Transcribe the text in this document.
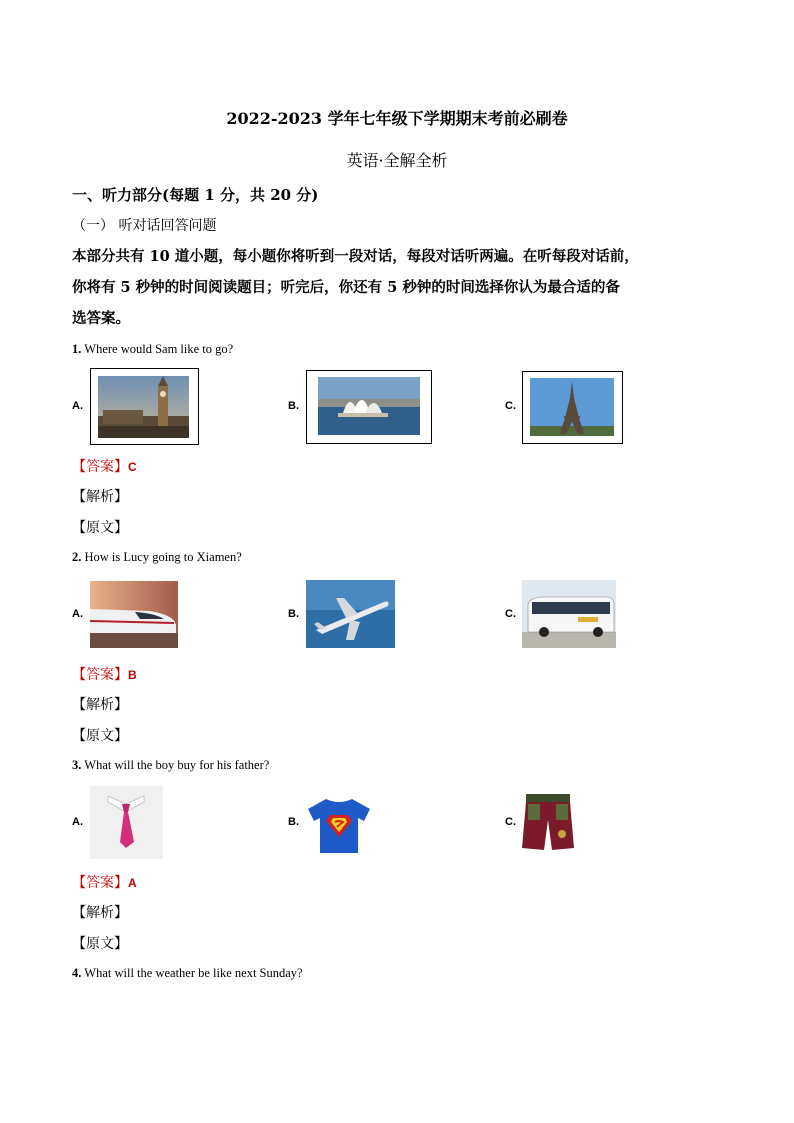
2022-2023 学年七年级下学期期末考前必刷卷
英语·全解全析
一、听力部分(每题 1 分，共 20 分)
（一） 听对话回答问题
本部分共有 10 道小题，每小题你将听到一段对话，每段对话听两遍。在听每段对话前，
你将有 5 秒钟的时间阅读题目；听完后，你还有 5 秒钟的时间选择你认为最合适的备
选答案。
1. Where would Sam like to go?
A.	B.	C.
【答案】C
【解析】
【原文】
2. How is Lucy going to Xiamen?
A.	B.	C.
【答案】B
【解析】
【原文】
3. What will the boy buy for his father?
A.	B.	C.
【答案】A
【解析】
【原文】
4. What will the weather be like next Sunday?
